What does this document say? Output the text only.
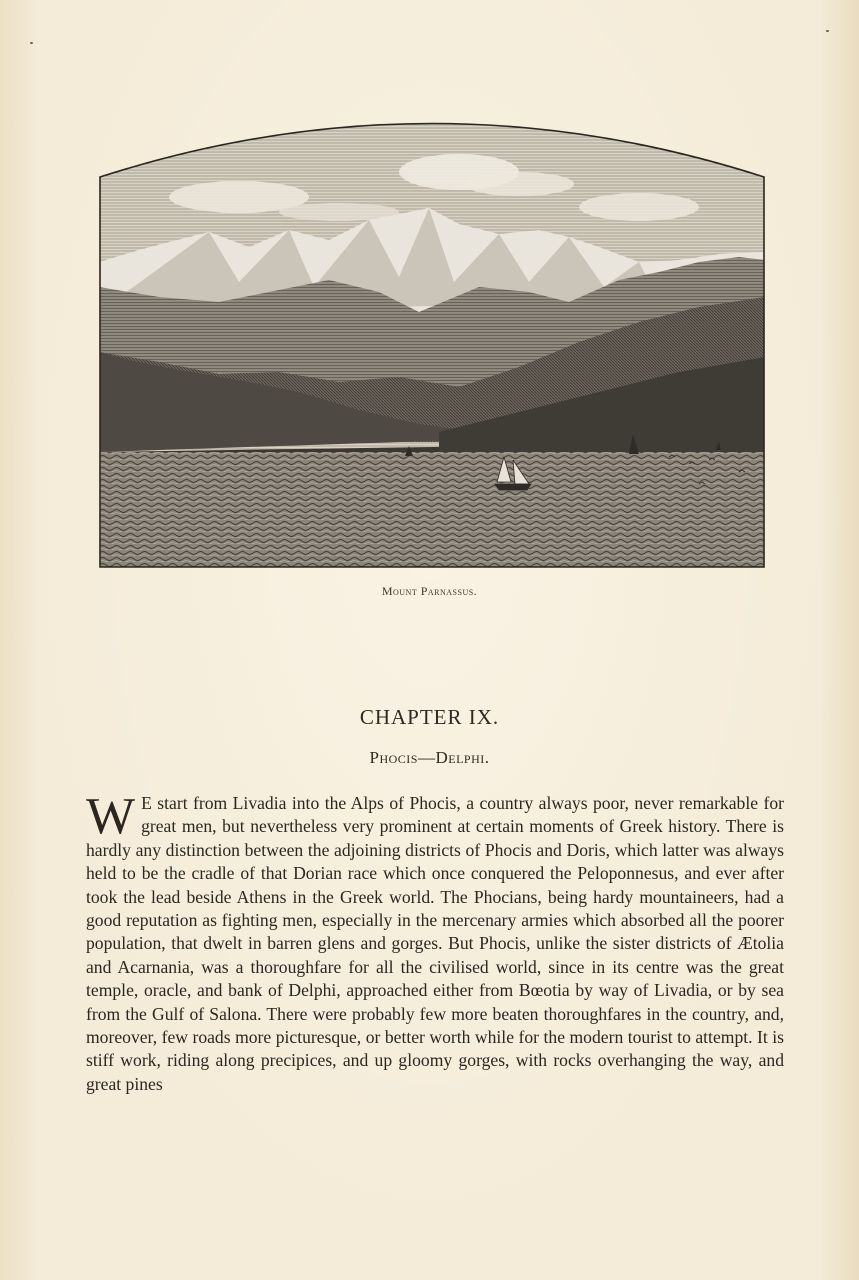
Mount Parnassus.
CHAPTER IX.
Phocis—Delphi.
W E start from Livadia into the Alps of Phocis, a country always poor, never remarkable for great men, but nevertheless very prominent at certain moments of Greek history. There is hardly any distinction between the adjoining districts of Phocis and Doris, which latter was always held to be the cradle of that Dorian race which once conquered the Peloponnesus, and ever after took the lead beside Athens in the Greek world. The Phocians, being hardy mountaineers, had a good reputation as fighting men, especially in the mercenary armies which absorbed all the poorer population, that dwelt in barren glens and gorges. But Phocis, unlike the sister districts of Ætolia and Acarnania, was a thoroughfare for all the civilised world, since in its centre was the great temple, oracle, and bank of Delphi, approached either from Bœotia by way of Livadia, or by sea from the Gulf of Salona. There were probably few more beaten thoroughfares in the country, and, moreover, few roads more picturesque, or better worth while for the modern tourist to attempt. It is stiff work, riding along precipices, and up gloomy gorges, with rocks overhanging the way, and great pines
